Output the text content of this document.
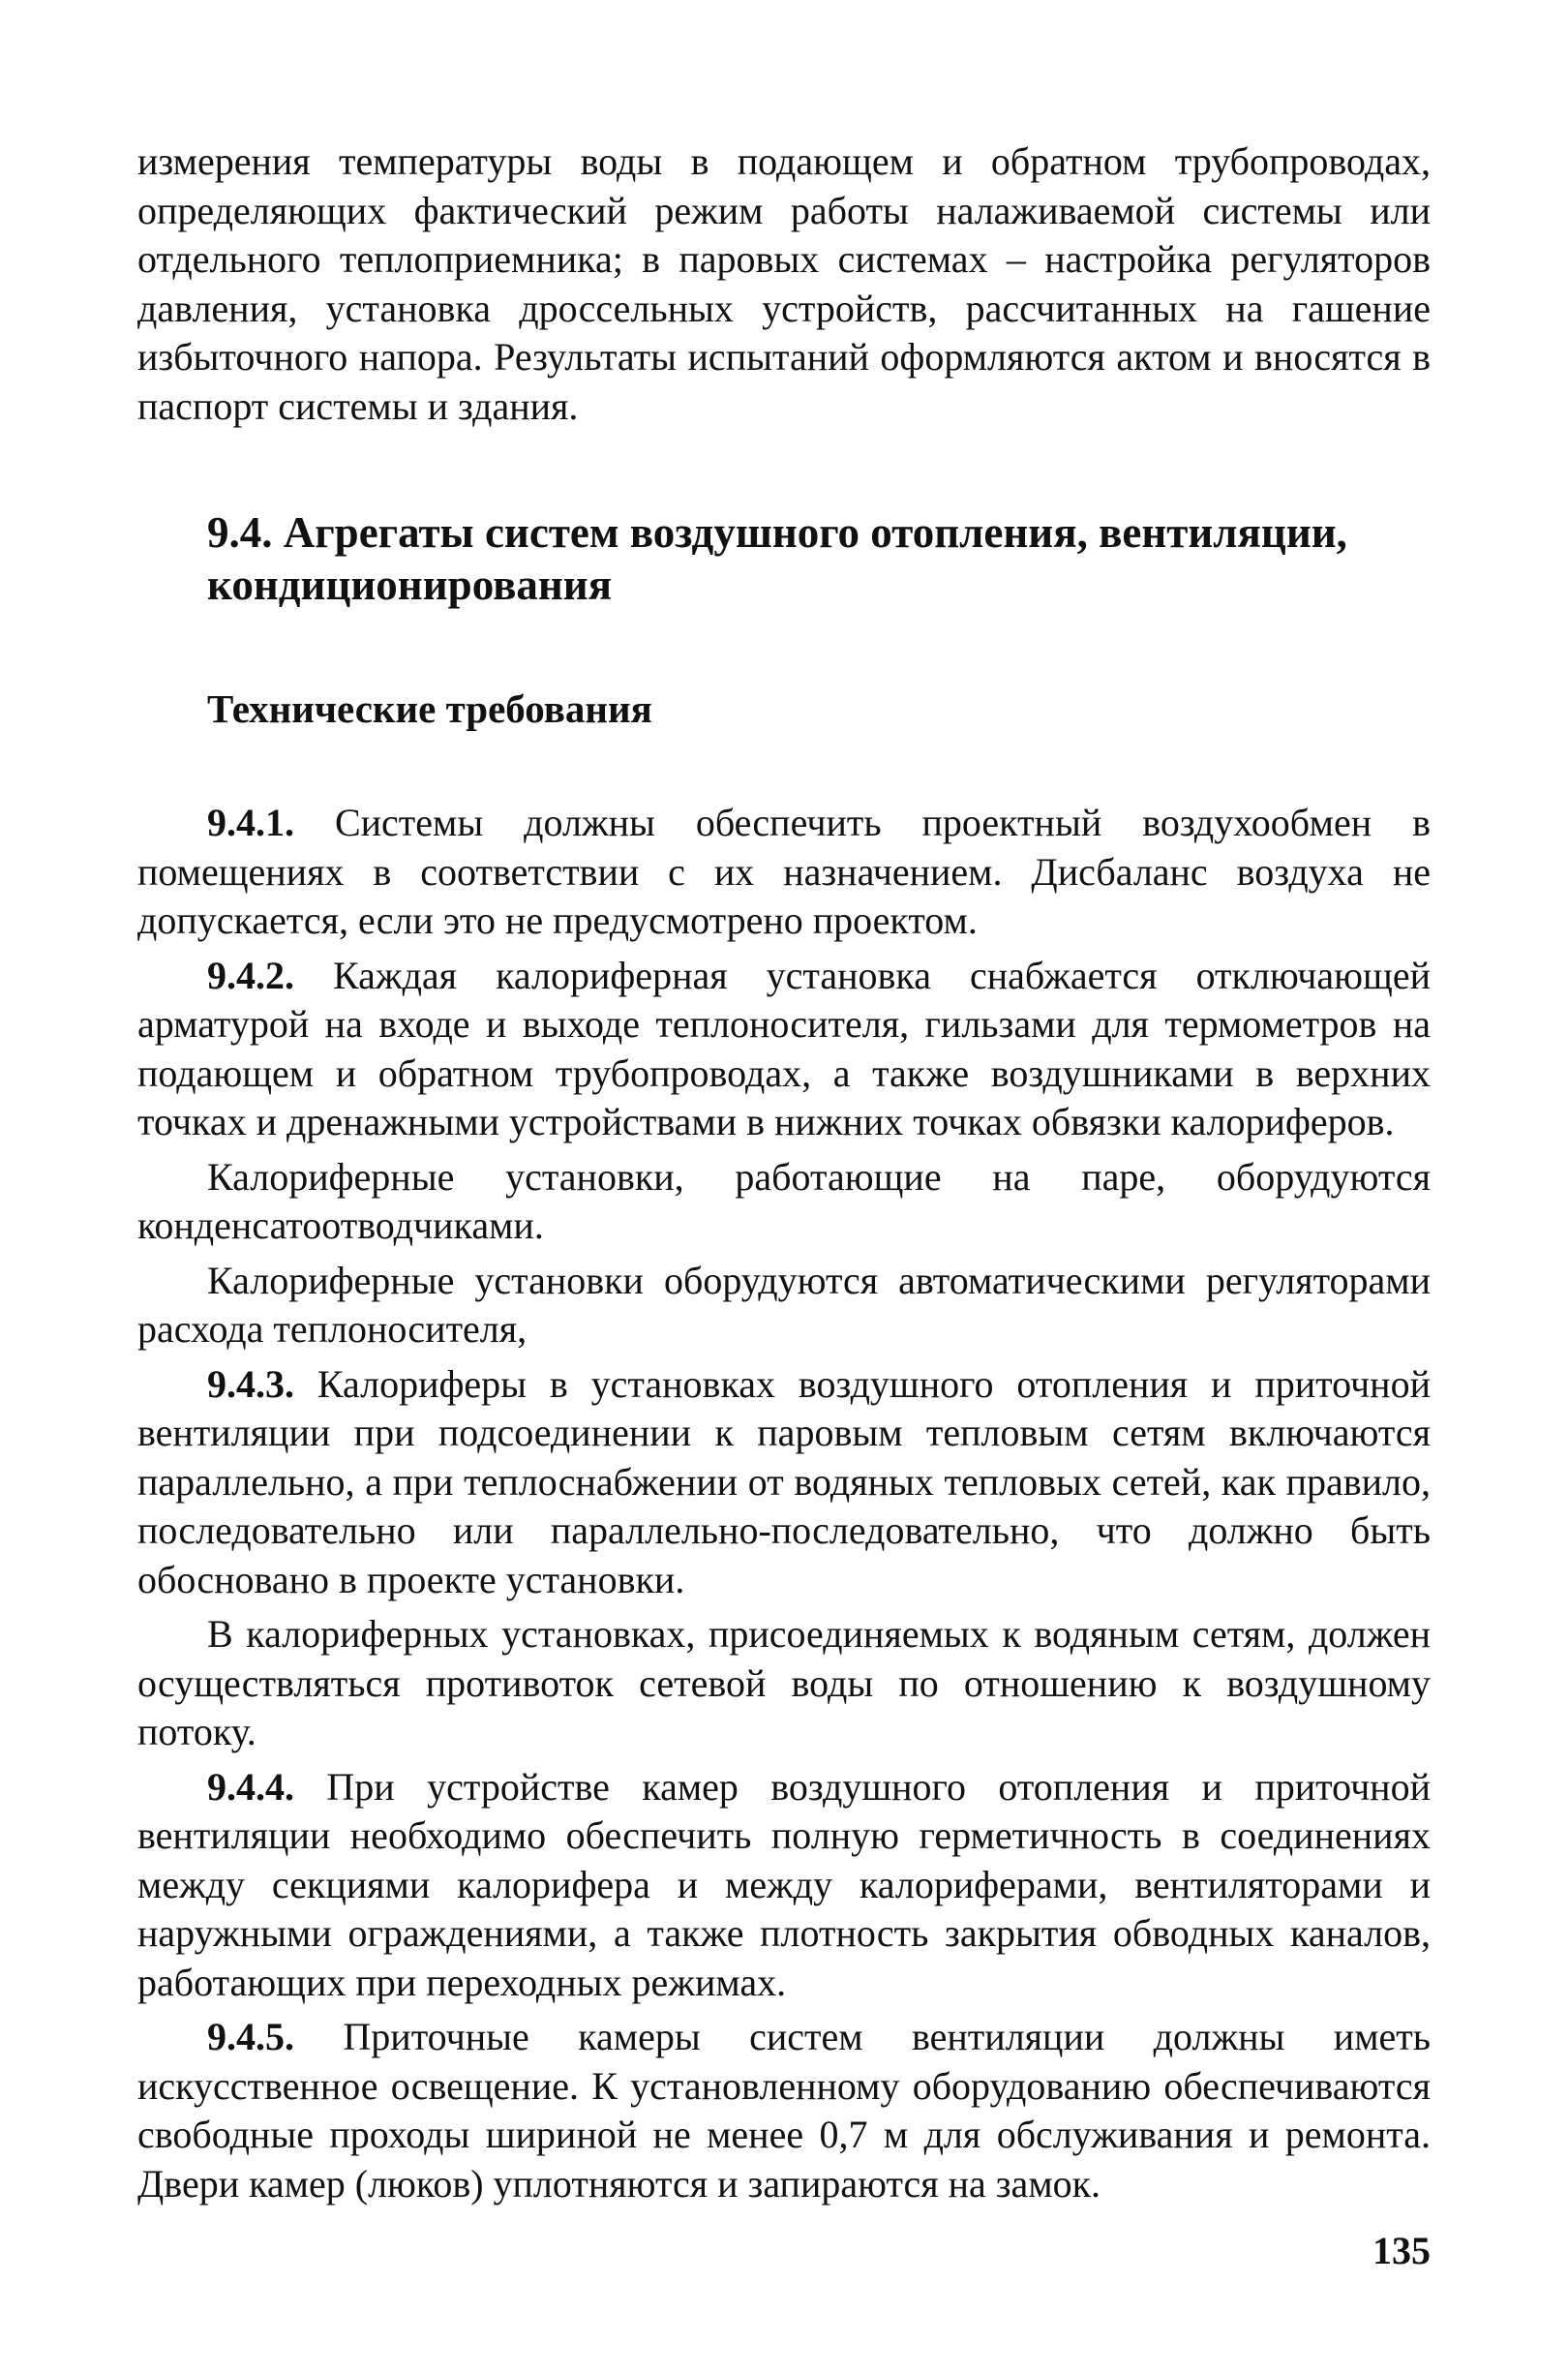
измерения температуры воды в подающем и обратном трубопроводах, определяющих фактический режим работы налаживаемой системы или отдельного теплоприемника; в паровых системах – настройка регуляторов давления, установка дроссельных устройств, рассчитанных на гашение избыточного напора. Результаты испытаний оформляются актом и вносятся в паспорт системы и здания.

9.4. Агрегаты систем воздушного отопления, вентиляции, кондиционирования
Технические требования

9.4.1. Системы должны обеспечить проектный воздухообмен в помещениях в соответствии с их назначением. Дисбаланс воздуха не допускается, если это не предусмотрено проектом.

9.4.2. Каждая калориферная установка снабжается отключающей арматурой на входе и выходе теплоносителя, гильзами для термометров на подающем и обратном трубопроводах, а также воздушниками в верхних точках и дренажными устройствами в нижних точках обвязки калориферов.

Калориферные установки, работающие на паре, оборудуются конденсатоотводчиками.

Калориферные установки оборудуются автоматическими регуляторами расхода теплоносителя,

9.4.3. Калориферы в установках воздушного отопления и приточной вентиляции при подсоединении к паровым тепловым сетям включаются параллельно, а при теплоснабжении от водяных тепловых сетей, как правило, последовательно или параллельно-последовательно, что должно быть обосновано в проекте установки.

В калориферных установках, присоединяемых к водяным сетям, должен осуществляться противоток сетевой воды по отношению к воздушному потоку.

9.4.4. При устройстве камер воздушного отопления и приточной вентиляции необходимо обеспечить полную герметичность в соединениях между секциями калорифера и между калориферами, вентиляторами и наружными ограждениями, а также плотность закрытия обводных каналов, работающих при переходных режимах.

9.4.5. Приточные камеры систем вентиляции должны иметь искусственное освещение. К установленному оборудованию обеспечиваются свободные проходы шириной не менее 0,7 м для обслуживания и ремонта. Двери камер (люков) уплотняются и запираются на замок.

135
